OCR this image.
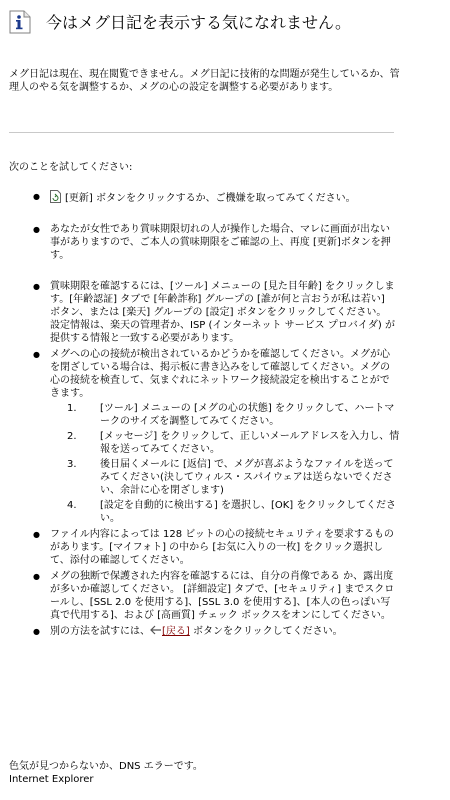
今はメグ日記を表示する気になれません。
メグ日記は現在、現在閲覧できません。メグ日記に技術的な問題が発生しているか、管理人のやる気を調整するか、メグの心の設定を調整する必要があります。
次のことを試してください:
● [更新] ボタンをクリックするか、ご機嫌を取ってみてください。
● あなたが女性であり賞味期限切れの人が操作した場合、マレに画面が出ない事がありますので、ご本人の賞味期限をご確認の上、再度 [更新]ボタンを押す。
● 賞味期限を確認するには、[ツール] メニューの [見た目年齢] をクリックします。[年齢認証] タブで [年齢詐称] グループの [誰が何と言おうが私は若い] ボタン、または [楽天] グループの [設定] ボタンをクリックしてください。設定情報は、楽天の管理者か、ISP (インターネット サービス プロバイダ) が提供する情報と一致する必要があります。
● メグへの心の接続が検出されているかどうかを確認してください。メグが心を閉ざしている場合は、掲示板に書き込みをして確認してください。メグの心の接続を検査して、気まぐれにネットワーク接続設定を検出することができます。
1. [ツール] メニューの [メグの心の状態] をクリックして、ハートマークのサイズを調整してみてください。
2. [メッセージ] をクリックして、正しいメールアドレスを入力し、情報を送ってみてください。
3. 後日届くメールに [返信] で、メグが喜ぶようなファイルを送ってみてください(決してウィルス・スパイウェアは送らないでください、余計に心を閉ざします)
4. [設定を自動的に検出する] を選択し、[OK] をクリックしてください。
● ファイル内容によっては 128 ビットの心の接続セキュリティを要求するものがあります。[マイフォト] の中から [お気に入りの一枚] をクリック選択して、添付の確認してください。
● メグの独断で保護された内容を確認するには、自分の肖像である か、露出度が多いか確認してください。 [詳細設定] タブで、[セキュリティ] までスクロールし、[SSL 2.0 を使用する]、[SSL 3.0 を使用する]、[本人の色っぽい写真で代用する]、および [高画質] チェック ボックスをオンにしてください。
● 別の方法を試すには、 [戻る] ボタンをクリックしてください。
色気が見つからないか、DNS エラーです。
Internet Explorer
